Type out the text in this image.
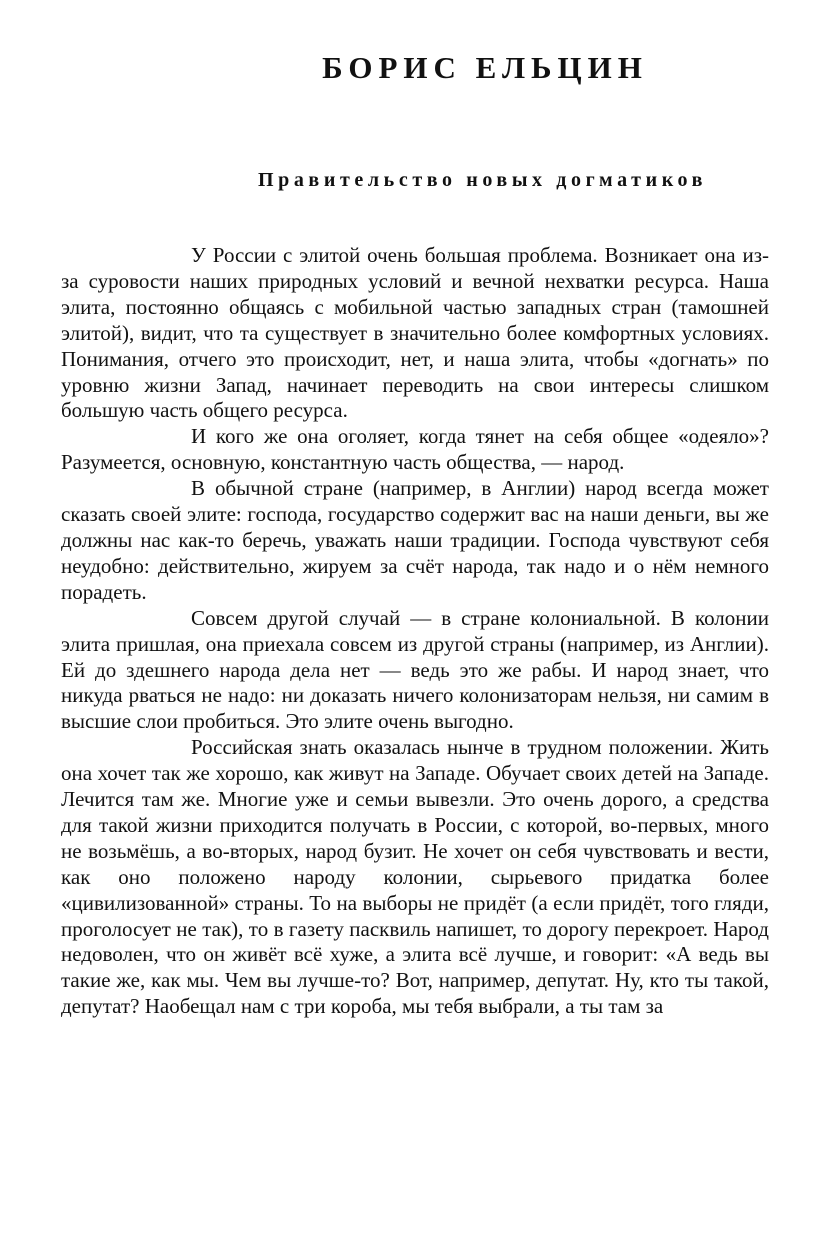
БОРИС ЕЛЬЦИН
Правительство новых догматиков

У России с элитой очень большая проблема. Возникает она из-за суровости наших природных условий и вечной нехватки ресурса. Наша элита, постоянно общаясь с мобильной частью западных стран (тамошней элитой), видит, что та существует в значительно более комфортных условиях. Понимания, отчего это происходит, нет, и наша элита, чтобы «догнать» по уровню жизни Запад, начинает переводить на свои интересы слишком большую часть общего ресурса.

И кого же она оголяет, когда тянет на себя общее «одеяло»? Разумеется, основную, константную часть общества, — народ.

В обычной стране (например, в Англии) народ всегда может сказать своей элите: господа, государство содержит вас на наши деньги, вы же должны нас как-то беречь, уважать наши традиции. Господа чувствуют себя неудобно: действительно, жируем за счёт народа, так надо и о нём немного порадеть.

Совсем другой случай — в стране колониальной. В колонии элита пришлая, она приехала совсем из другой страны (например, из Англии). Ей до здешнего народа дела нет — ведь это же рабы. И народ знает, что никуда рваться не надо: ни доказать ничего колонизаторам нельзя, ни самим в высшие слои пробиться. Это элите очень выгодно.

Российская знать оказалась нынче в трудном положении. Жить она хочет так же хорошо, как живут на Западе. Обучает своих детей на Западе. Лечится там же. Многие уже и семьи вывезли. Это очень дорого, а средства для такой жизни приходится получать в России, с которой, во-первых, много не возьмёшь, а во-вторых, народ бузит. Не хочет он себя чувствовать и вести, как оно положено народу колонии, сырьевого придатка более «цивилизованной» страны. То на выборы не придёт (а если придёт, того гляди, проголосует не так), то в газету пасквиль напишет, то дорогу перекроет. Народ недоволен, что он живёт всё хуже, а элита всё лучше, и говорит: «А ведь вы такие же, как мы. Чем вы лучше-то? Вот, например, депутат. Ну, кто ты такой, депутат? Наобещал нам с три короба, мы тебя выбрали, а ты там за
